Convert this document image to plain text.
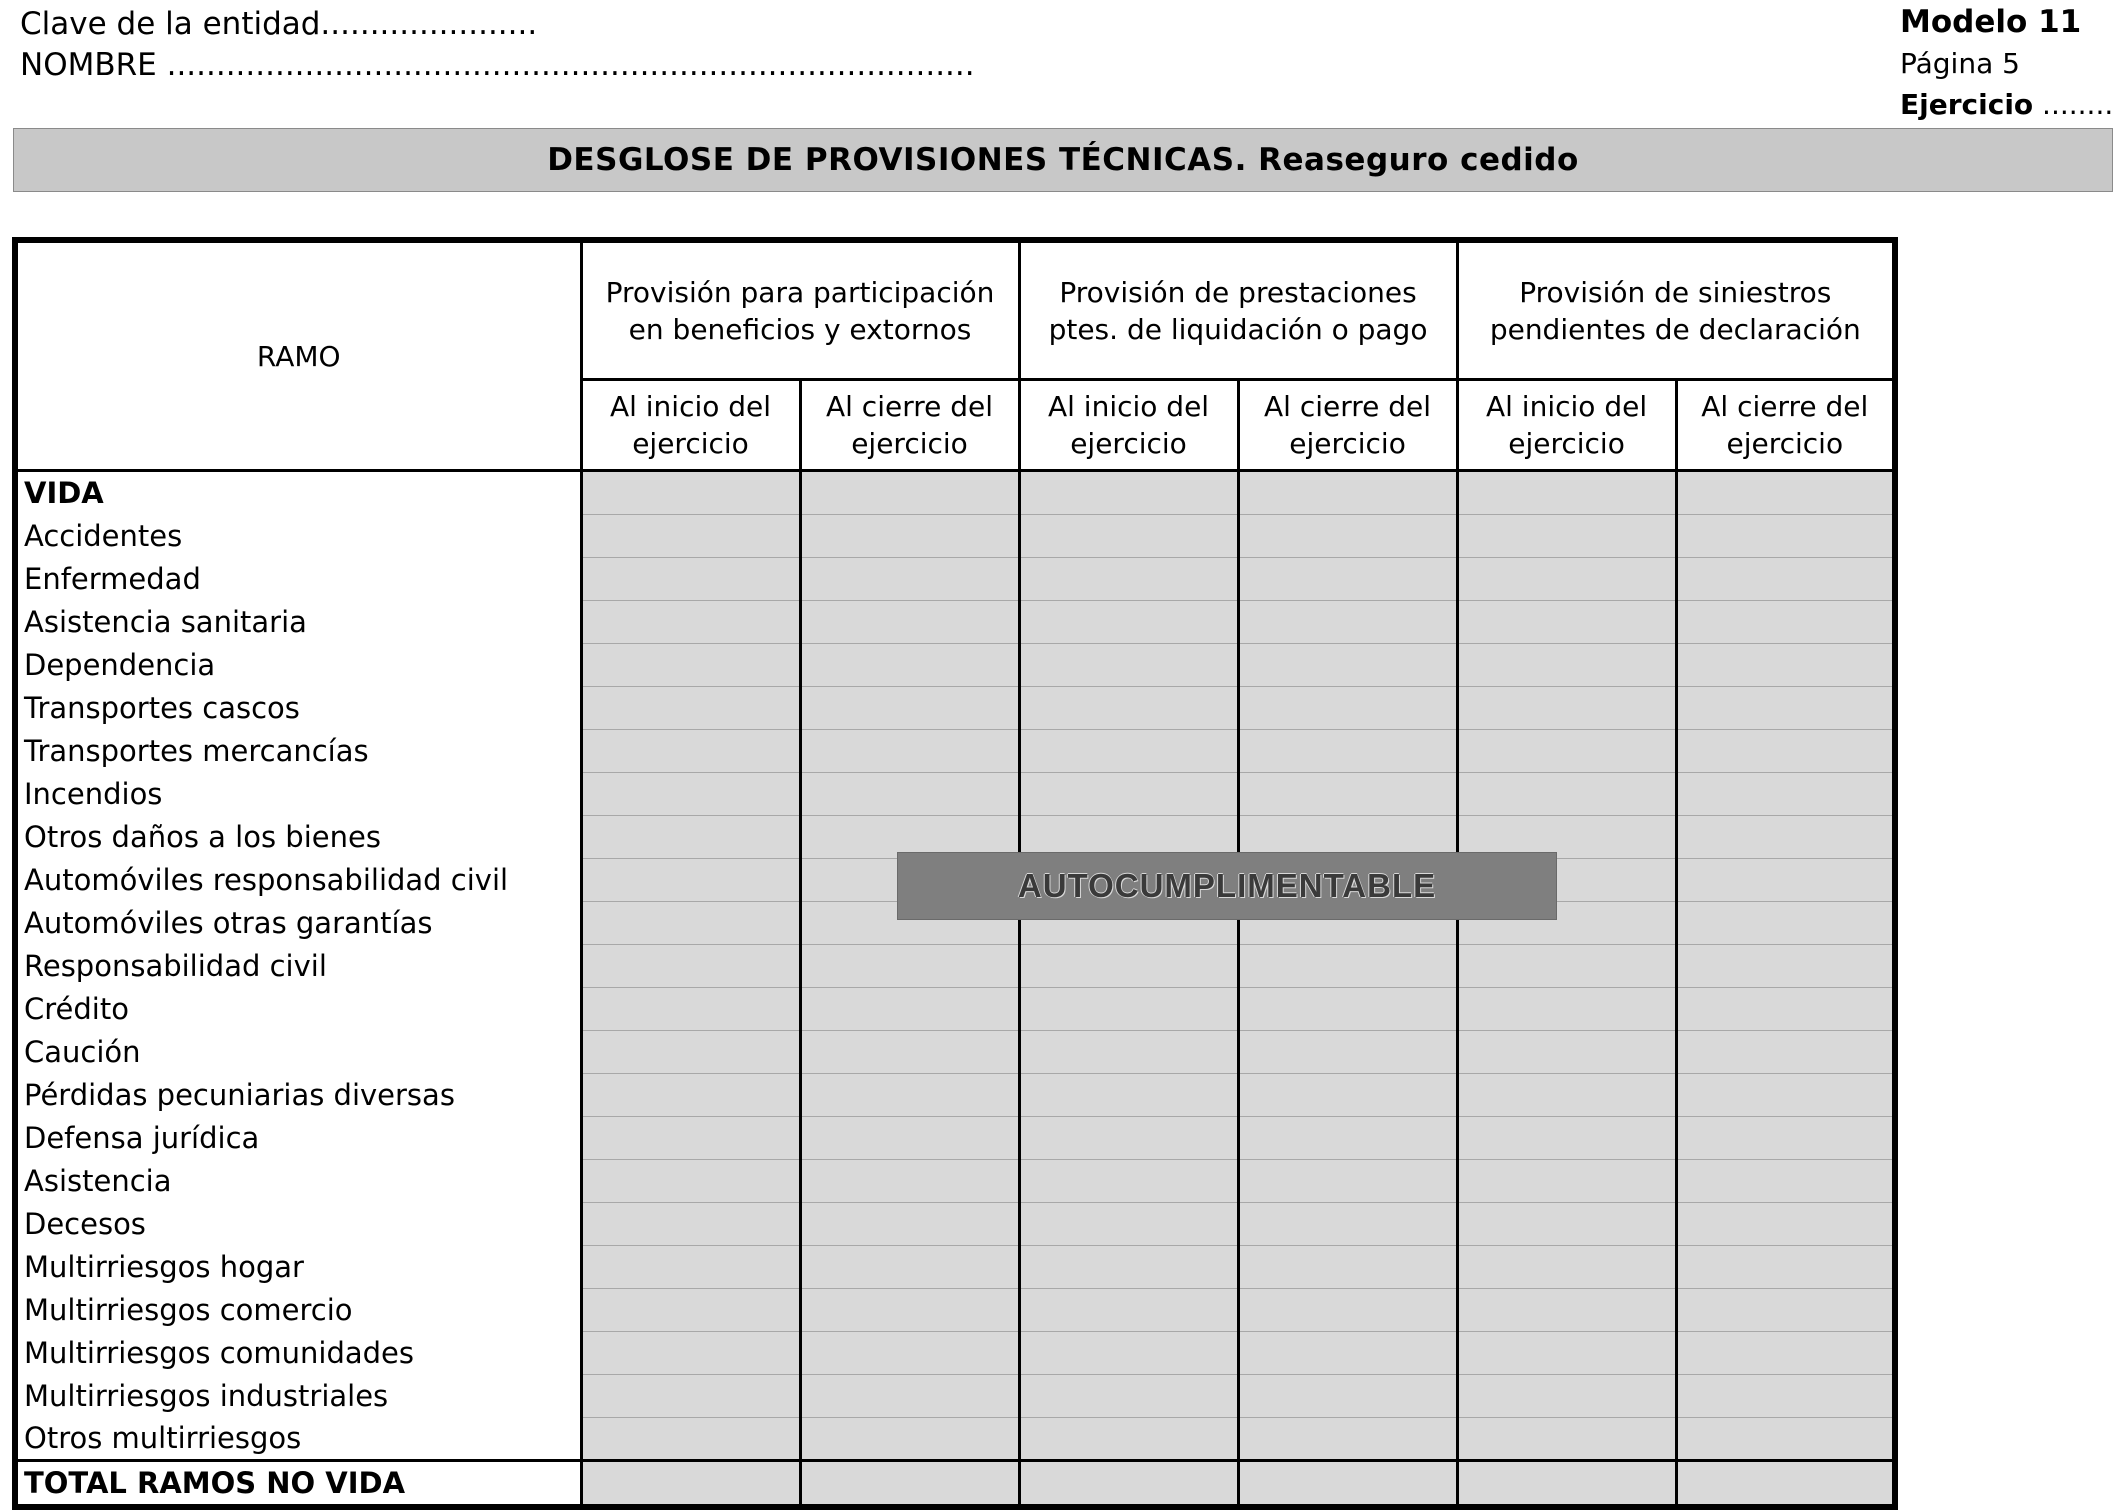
Clave de la entidad......................
NOMBRE ..................................................................................
Modelo 11
Página 5
Ejercicio ........
DESGLOSE DE PROVISIONES TÉCNICAS. Reaseguro cedido
RAMO	Provisión para participación en beneficios y extornos		Provisión de prestaciones ptes. de liquidación o pago		Provisión de siniestros pendientes de declaración	
	Al inicio del ejercicio	Al cierre del ejercicio	Al inicio del ejercicio	Al cierre del ejercicio	Al inicio del ejercicio	Al cierre del ejercicio
VIDA						
Accidentes						
Enfermedad						
Asistencia sanitaria						
Dependencia						
Transportes cascos						
Transportes mercancías						
Incendios						
Otros daños a los bienes						
Automóviles responsabilidad civil						
Automóviles otras garantías						
Responsabilidad civil						
Crédito						
Caución						
Pérdidas pecuniarias diversas						
Defensa jurídica						
Asistencia						
Decesos						
Multirriesgos hogar						
Multirriesgos comercio						
Multirriesgos comunidades						
Multirriesgos industriales						
Otros multirriesgos						
TOTAL RAMOS NO VIDA						
AUTOCUMPLIMENTABLE
